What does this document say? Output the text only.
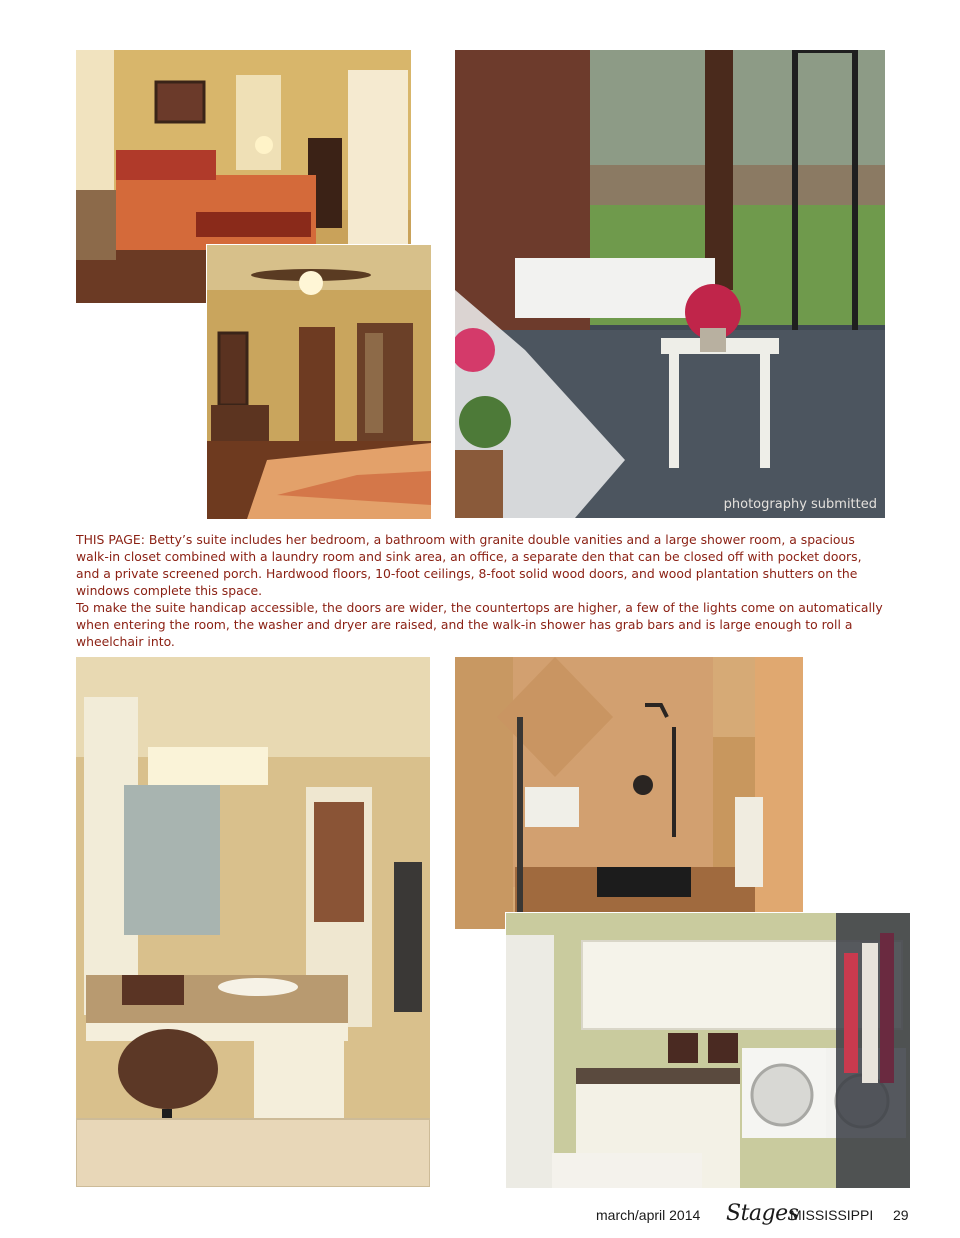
photography submitted

THIS PAGE: Betty’s suite includes her bedroom, a bathroom with granite double vanities and a large shower room, a spacious walk-in closet combined with a laundry room and sink area, an office, a separate den that can be closed off with pocket doors, and a private screened porch. Hardwood floors, 10-foot ceilings, 8-foot solid wood doors, and wood plantation shutters on the windows complete this space.

To make the suite handicap accessible, the doors are wider, the countertops are higher, a few of the lights come on automatically when entering the room, the washer and dryer are raised, and the walk-in shower has grab bars and is large enough to roll a wheelchair into.

march/april 2014 Stages
MISSISSIPPI 29
